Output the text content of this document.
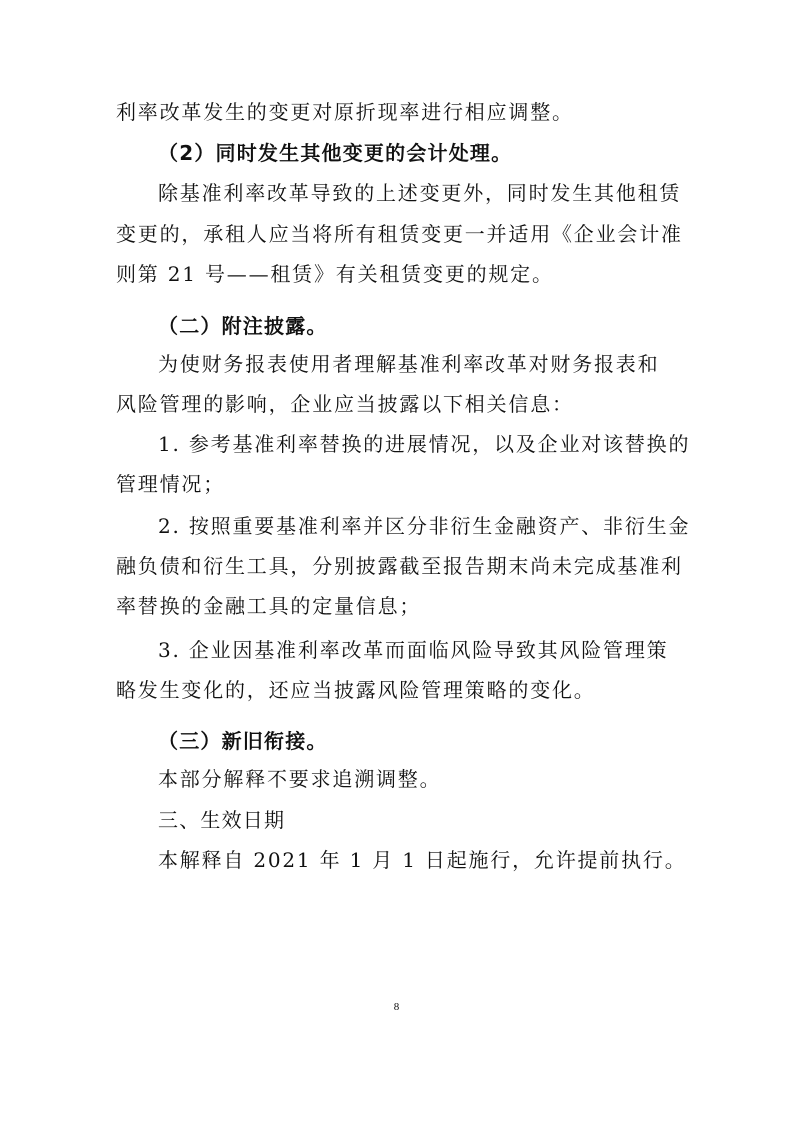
利率改革发生的变更对原折现率进行相应调整。
（2）同时发生其他变更的会计处理。
除基准利率改革导致的上述变更外，同时发生其他租赁
变更的，承租人应当将所有租赁变更一并适用《企业会计准
则第 21 号——租赁》有关租赁变更的规定。
（二）附注披露。
为使财务报表使用者理解基准利率改革对财务报表和
风险管理的影响，企业应当披露以下相关信息：
1. 参考基准利率替换的进展情况，以及企业对该替换的
管理情况；
2. 按照重要基准利率并区分非衍生金融资产、非衍生金
融负债和衍生工具，分别披露截至报告期末尚未完成基准利
率替换的金融工具的定量信息；
3. 企业因基准利率改革而面临风险导致其风险管理策
略发生变化的，还应当披露风险管理策略的变化。
（三）新旧衔接。
本部分解释不要求追溯调整。
三、生效日期
本解释自 2021 年 1 月 1 日起施行，允许提前执行。
8
